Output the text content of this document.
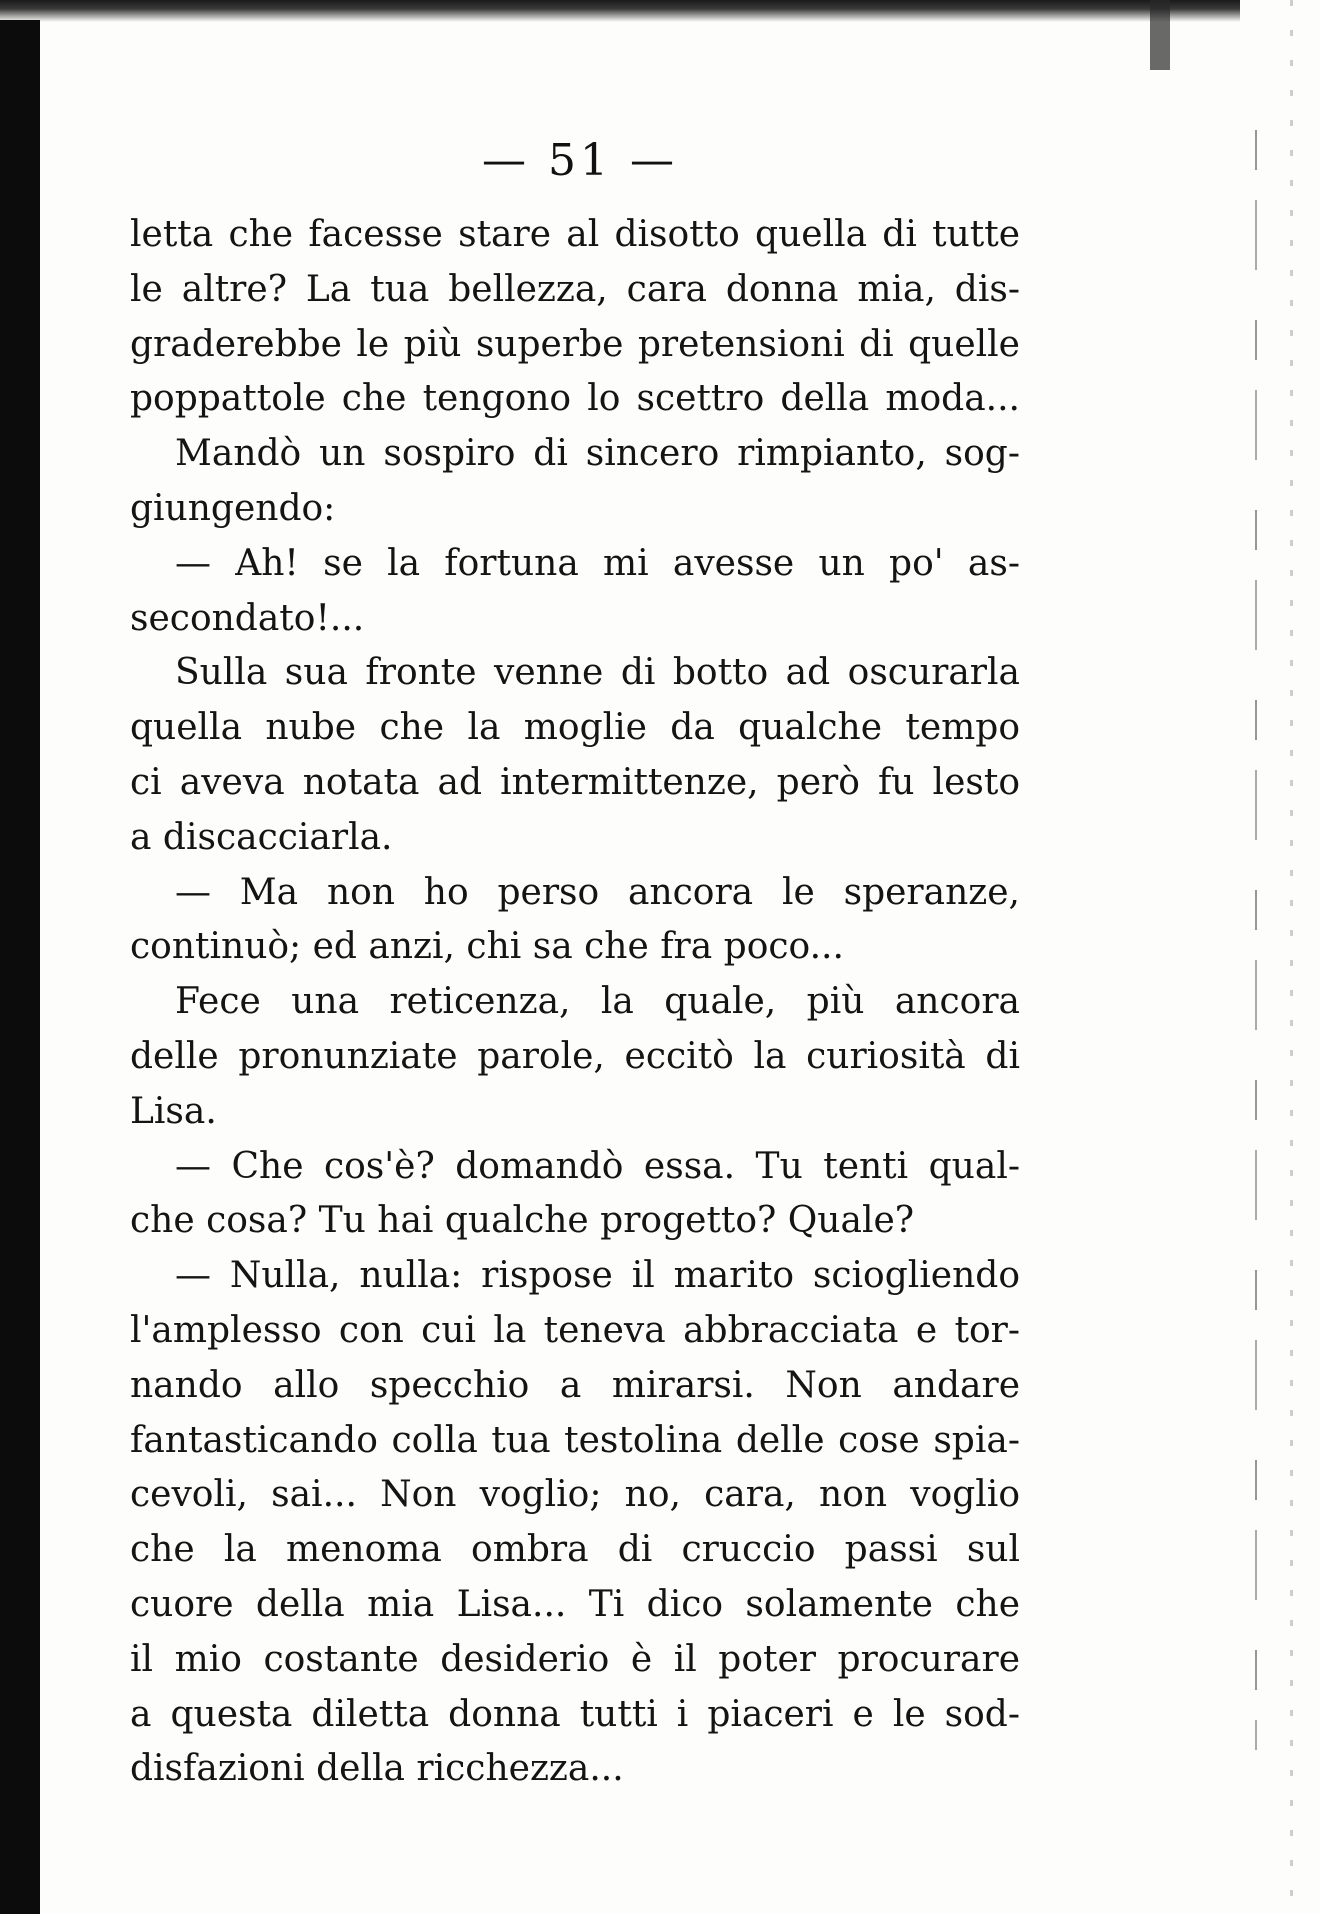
— 51 —
letta che facesse stare al disotto quella di tutte
le altre? La tua bellezza, cara donna mia, dis-
graderebbe le più superbe pretensioni di quelle
poppattole che tengono lo scettro della moda...
Mandò un sospiro di sincero rimpianto, sog-
giungendo:
— Ah! se la fortuna mi avesse un po' as-
secondato!...
Sulla sua fronte venne di botto ad oscurarla
quella nube che la moglie da qualche tempo
ci aveva notata ad intermittenze, però fu lesto
a discacciarla.
— Ma non ho perso ancora le speranze,
continuò; ed anzi, chi sa che fra poco...
Fece una reticenza, la quale, più ancora
delle pronunziate parole, eccitò la curiosità di
Lisa.
— Che cos'è? domandò essa. Tu tenti qual-
che cosa? Tu hai qualche progetto? Quale?
— Nulla, nulla: rispose il marito sciogliendo
l'amplesso con cui la teneva abbracciata e tor-
nando allo specchio a mirarsi. Non andare
fantasticando colla tua testolina delle cose spia-
cevoli, sai... Non voglio; no, cara, non voglio
che la menoma ombra di cruccio passi sul
cuore della mia Lisa... Ti dico solamente che
il mio costante desiderio è il poter procurare
a questa diletta donna tutti i piaceri e le sod-
disfazioni della ricchezza...
